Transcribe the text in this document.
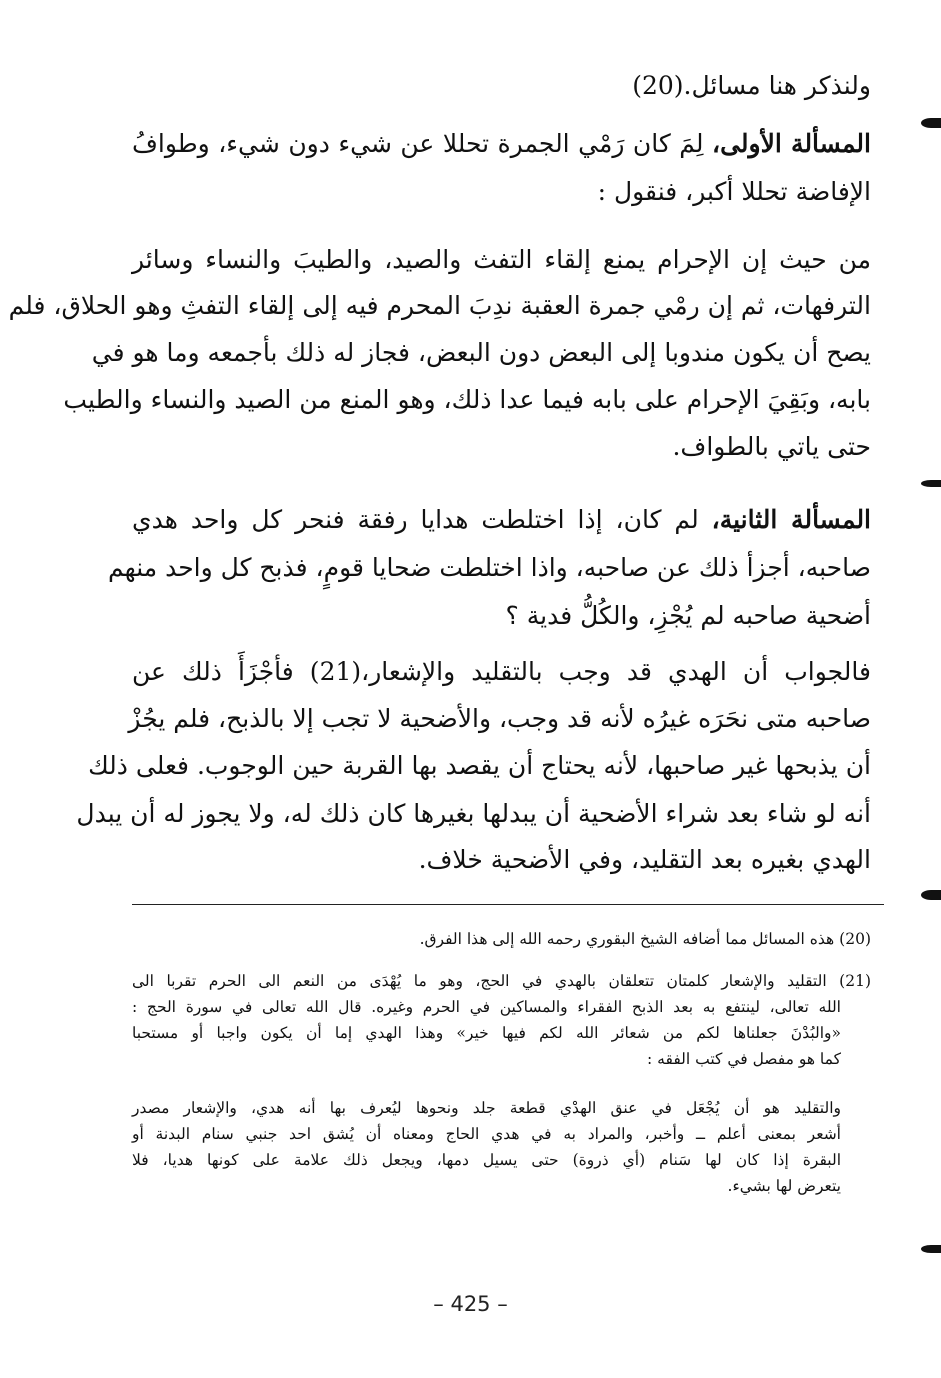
ولنذكر هنا مسائل.(20)
المسألة الأولى، لِمَ كان رَمْي الجمرة تحللا عن شيء دون شيء، وطوافُ
الإفاضة تحللا أكبر، فنقول :
من حيث إن الإحرام يمنع إلقاء التفث والصيد، والطيبَ والنساء وسائر
الترفهات، ثم إن رمْي جمرة العقبة ندِبَ المحرم فيه إلى إلقاء التفثِ وهو الحلاق، فلم
يصح أن يكون مندوبا إلى البعض دون البعض، فجاز له ذلك بأجمعه وما هو في
بابه، وبَقِيَ الإحرام على بابه فيما عدا ذلك، وهو المنع من الصيد والنساء والطيب
حتى ياتي بالطواف.
المسألة الثانية، لم كان، إذا اختلطت هدايا رفقة فنحر كل واحد هدي
صاحبه، أجزأ ذلك عن صاحبه، واذا اختلطت ضحايا قومٍ، فذبح كل واحد منهم
أضحية صاحبه لم يُجْزِ، والكُلُّ فدية ؟
فالجواب أن الهدي قد وجب بالتقليد والإشعار،(21) فأجْزَأَ ذلك عن
صاحبه متى نحَرَه غيرُه لأنه قد وجب، والأضحية لا تجب إلا بالذبح، فلم يجُزْ
أن يذبحها غير صاحبها، لأنه يحتاج أن يقصد بها القربة حين الوجوب. فعلى ذلك
أنه لو شاء بعد شراء الأضحية أن يبدلها بغيرها كان ذلك له، ولا يجوز له أن يبدل
الهدي بغيره بعد التقليد، وفي الأضحية خلاف.
(20) هذه المسائل مما أضافه الشيخ البقوري رحمه الله إلى هذا الفرق.
(21) التقليد والإشعار كلمتان تتعلقان بالهدي في الحج، وهو ما يُهْدَى من النعم الى الحرم تقربا الى
الله تعالى، لينتفع به بعد الذبح الفقراء والمساكين في الحرم وغيره. قال الله تعالى في سورة الحج :
«والبُدْنَ جعلناها لكم من شعائر الله لكم فيها خير» وهذا الهدي إما أن يكون واجبا أو مستحبا
كما هو مفصل في كتب الفقه :
والتقليد هو أن يُجْعَل في عنق الهدْي قطعة جلد ونحوها ليُعرف بها أنه هدي، والإشعار مصدر
أشعر بمعنى أعلم ــ وأخبر، والمراد به في هدي الحاج ومعناه أن يُشق احد جنبي سنام البدنة أو
البقرة إذا كان لها سَنام (أي ذروة) حتى يسيل دمها، ويجعل ذلك علامة على كونها هديا، فلا
يتعرض لها بشيء.
– 425 –
